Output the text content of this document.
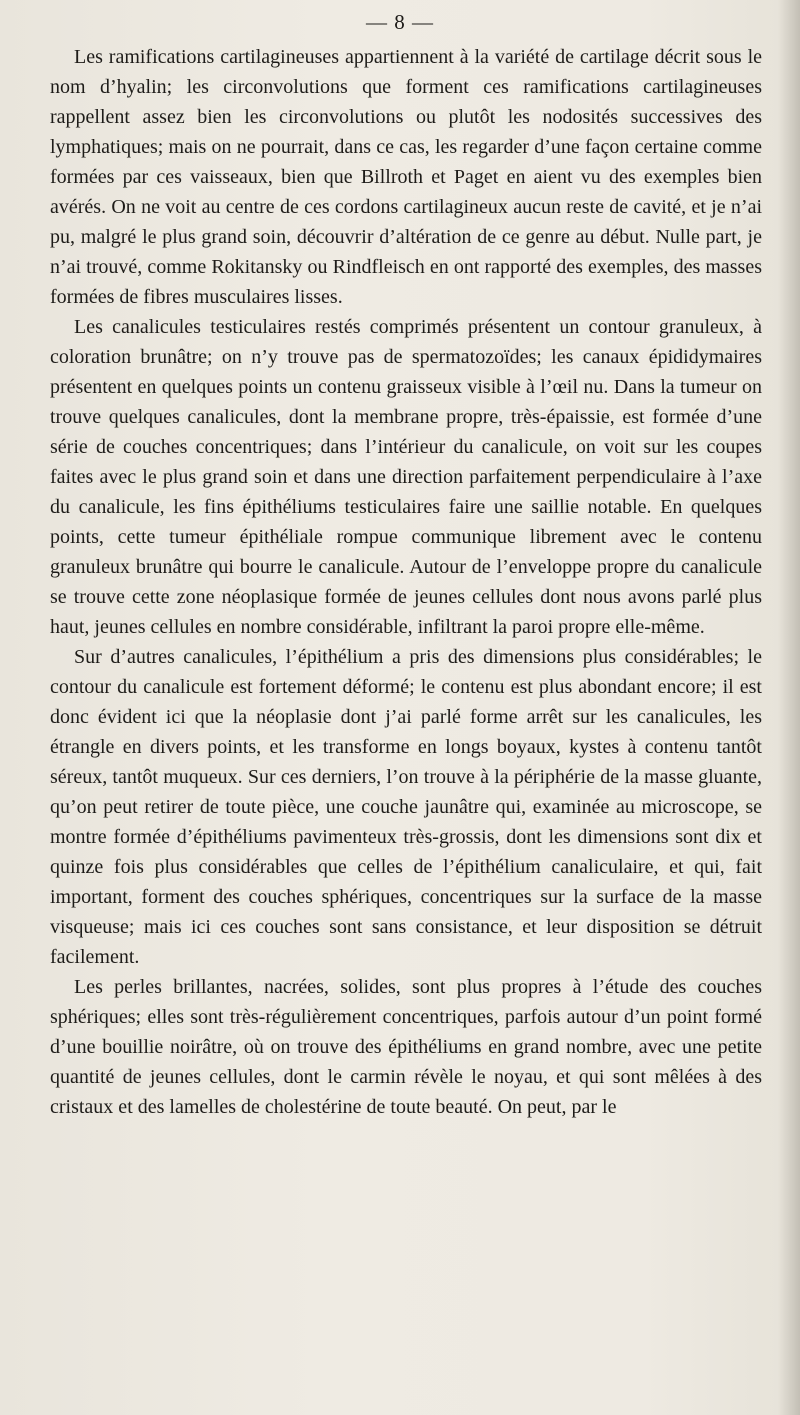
— 8 —

Les ramifications cartilagineuses appartiennent à la variété de cartilage décrit sous le nom d’hyalin; les circonvolutions que forment ces ramifications cartilagineuses rappellent assez bien les circonvolutions ou plutôt les nodosités successives des lymphatiques; mais on ne pourrait, dans ce cas, les regarder d’une façon certaine comme formées par ces vaisseaux, bien que Billroth et Paget en aient vu des exemples bien avérés. On ne voit au centre de ces cordons cartilagineux aucun reste de cavité, et je n’ai pu, malgré le plus grand soin, découvrir d’altération de ce genre au début. Nulle part, je n’ai trouvé, comme Rokitansky ou Rindfleisch en ont rapporté des exemples, des masses formées de fibres musculaires lisses.

Les canalicules testiculaires restés comprimés présentent un contour granuleux, à coloration brunâtre; on n’y trouve pas de spermatozoïdes; les canaux épididymaires présentent en quelques points un contenu graisseux visible à l’œil nu. Dans la tumeur on trouve quelques canalicules, dont la membrane propre, très-épaissie, est formée d’une série de couches concentriques; dans l’intérieur du canalicule, on voit sur les coupes faites avec le plus grand soin et dans une direction parfaitement perpendiculaire à l’axe du canalicule, les fins épithéliums testiculaires faire une saillie notable. En quelques points, cette tumeur épithéliale rompue communique librement avec le contenu granuleux brunâtre qui bourre le canalicule. Autour de l’enveloppe propre du canalicule se trouve cette zone néoplasique formée de jeunes cellules dont nous avons parlé plus haut, jeunes cellules en nombre considérable, infiltrant la paroi propre elle-même.

Sur d’autres canalicules, l’épithélium a pris des dimensions plus considérables; le contour du canalicule est fortement déformé; le contenu est plus abondant encore; il est donc évident ici que la néoplasie dont j’ai parlé forme arrêt sur les canalicules, les étrangle en divers points, et les transforme en longs boyaux, kystes à contenu tantôt séreux, tantôt muqueux. Sur ces derniers, l’on trouve à la périphérie de la masse gluante, qu’on peut retirer de toute pièce, une couche jaunâtre qui, examinée au microscope, se montre formée d’épithéliums pavimenteux très-grossis, dont les dimensions sont dix et quinze fois plus considérables que celles de l’épithélium canaliculaire, et qui, fait important, forment des couches sphériques, concentriques sur la surface de la masse visqueuse; mais ici ces couches sont sans consistance, et leur disposition se détruit facilement.

Les perles brillantes, nacrées, solides, sont plus propres à l’étude des couches sphériques; elles sont très-régulièrement concentriques, parfois autour d’un point formé d’une bouillie noirâtre, où on trouve des épithéliums en grand nombre, avec une petite quantité de jeunes cellules, dont le carmin révèle le noyau, et qui sont mêlées à des cristaux et des lamelles de cholestérine de toute beauté. On peut, par le
